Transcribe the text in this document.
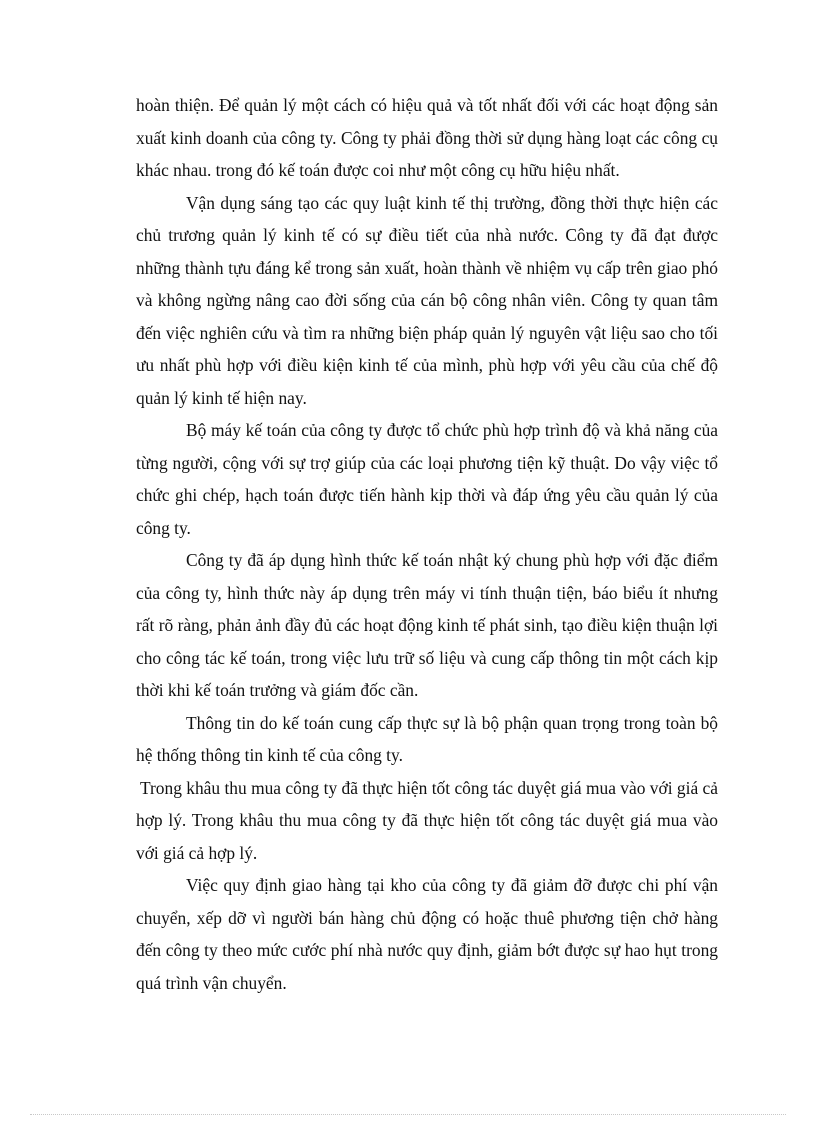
hoàn thiện. Để quản lý một cách có hiệu quả và tốt nhất đối với các hoạt động sản xuất kinh doanh của công ty. Công ty phải đồng thời sử dụng hàng loạt các công cụ khác nhau. trong đó kế toán được coi như một công cụ hữu hiệu nhất.

Vận dụng sáng tạo các quy luật kinh tế thị trường, đồng thời thực hiện các chủ trương quản lý kinh tế có sự điều tiết của nhà nước. Công ty đã đạt được những thành tựu đáng kể trong sản xuất, hoàn thành về nhiệm vụ cấp trên giao phó và không ngừng nâng cao đời sống của cán bộ công nhân viên. Công ty quan tâm đến việc nghiên cứu và tìm ra những biện pháp quản lý nguyên vật liệu sao cho tối ưu nhất phù hợp với điều kiện kinh tế của mình, phù hợp với yêu cầu của chế độ quản lý kinh tế hiện nay.

Bộ máy kế toán của công ty được tổ chức phù hợp trình độ và khả năng của từng người, cộng với sự trợ giúp của các loại phương tiện kỹ thuật. Do vậy việc tổ chức ghi chép, hạch toán được tiến hành kịp thời và đáp ứng yêu cầu quản lý của công ty.

Công ty đã áp dụng hình thức kế toán nhật ký chung phù hợp với đặc điểm của công ty, hình thức này áp dụng trên máy vi tính thuận tiện, báo biểu ít nhưng rất rõ ràng, phản ảnh đầy đủ các hoạt động kinh tế phát sinh, tạo điều kiện thuận lợi cho công tác kế toán, trong việc lưu trữ số liệu và cung cấp thông tin một cách kịp thời khi kế toán trưởng và giám đốc cần.

Thông tin do kế toán cung cấp thực sự là bộ phận quan trọng trong toàn bộ hệ thống thông tin kinh tế của công ty.

Trong khâu thu mua công ty đã thực hiện tốt công tác duyệt giá mua vào với giá cả hợp lý. Trong khâu thu mua công ty đã thực hiện tốt công tác duyệt giá mua vào với giá cả hợp lý.

Việc quy định giao hàng tại kho của công ty đã giảm đỡ được chi phí vận chuyển, xếp dỡ vì người bán hàng chủ động có hoặc thuê phương tiện chở hàng đến công ty theo mức cước phí nhà nước quy định, giảm bớt được sự hao hụt trong quá trình vận chuyển.
